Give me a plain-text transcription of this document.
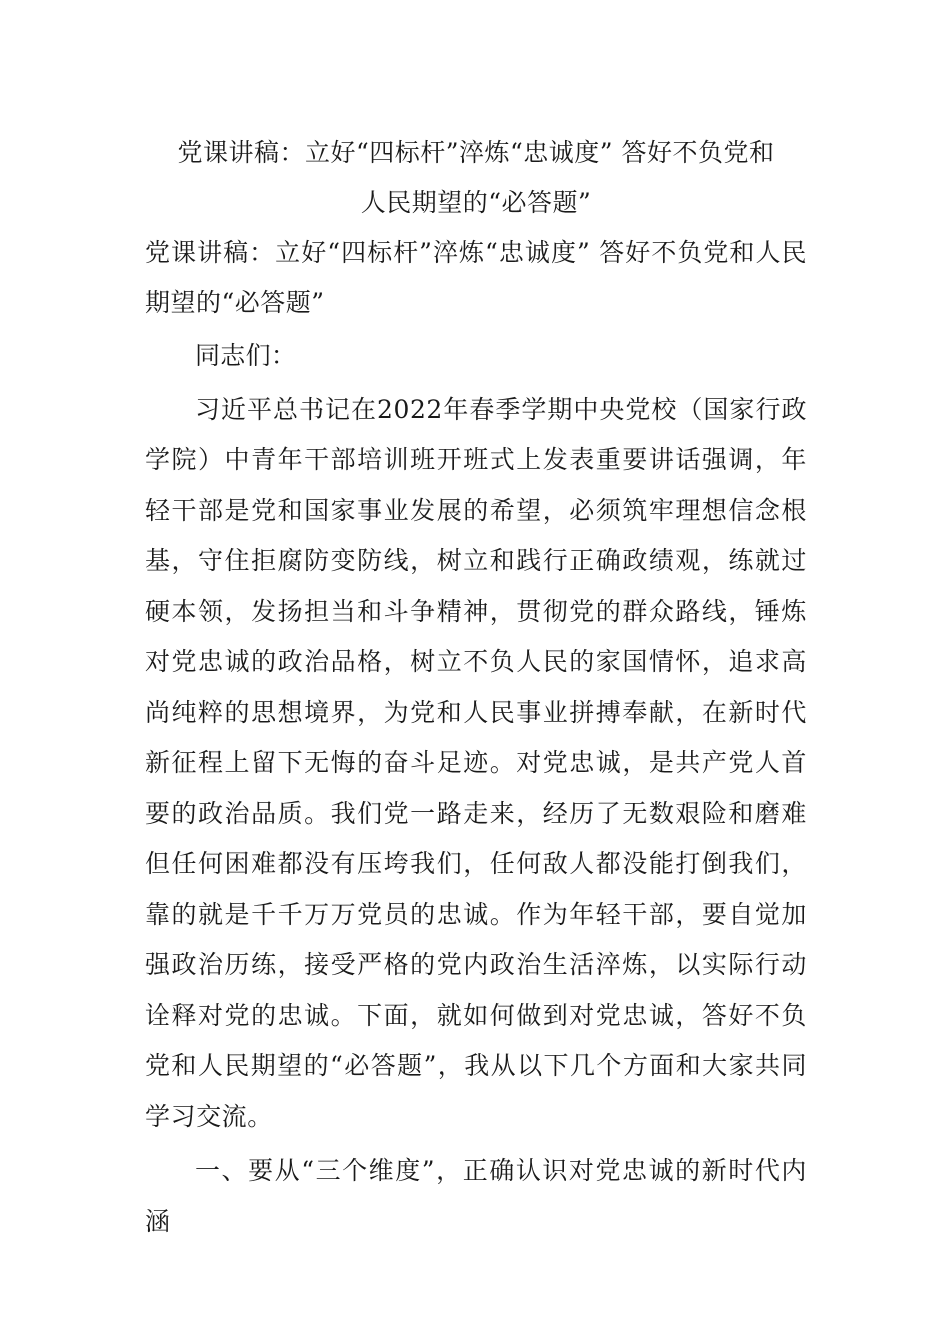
党课讲稿：立好“四标杆”淬炼“忠诚度” 答好不负党和
人民期望的“必答题”

党课讲稿：立好“四标杆”淬炼“忠诚度” 答好不负党和人民期望的“必答题”

同志们：

习近平总书记在2022年春季学期中央党校（国家行政学院）中青年干部培训班开班式上发表重要讲话强调，年轻干部是党和国家事业发展的希望，必须筑牢理想信念根基，守住拒腐防变防线，树立和践行正确政绩观，练就过硬本领，发扬担当和斗争精神，贯彻党的群众路线，锤炼对党忠诚的政治品格，树立不负人民的家国情怀，追求高尚纯粹的思想境界，为党和人民事业拼搏奉献，在新时代新征程上留下无悔的奋斗足迹。对党忠诚，是共产党人首要的政治品质。我们党一路走来，经历了无数艰险和磨难但任何困难都没有压垮我们，任何敌人都没能打倒我们，靠的就是千千万万党员的忠诚。作为年轻干部，要自觉加强政治历练，接受严格的党内政治生活淬炼，以实际行动诠释对党的忠诚。下面，就如何做到对党忠诚，答好不负党和人民期望的“必答题”，我从以下几个方面和大家共同学习交流。

一、要从“三个维度”，正确认识对党忠诚的新时代内涵
